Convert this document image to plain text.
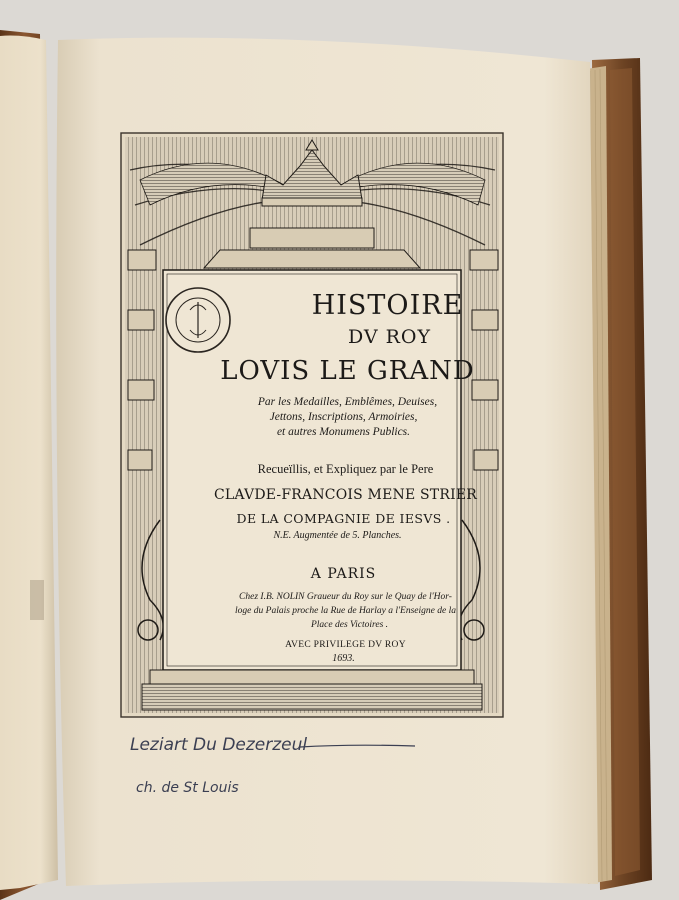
HISTOIRE
DV ROY
LOVIS LE GRAND
Par les Medailles, Emblêmes, Deuises,
Jettons, Inscriptions, Armoiries,
et autres Monumens Publics.
Recueïllis, et Expliquez par le Pere
CLAVDE-FRANCOIS MENE STRIER
DE LA COMPAGNIE DE IESVS .
N.E. Augmentée de 5. Planches.
A PARIS
Chez I.B. NOLIN Graueur du Roy sur le Quay de l'Hor-
loge du Palais proche la Rue de Harlay a l'Enseigne de la
Place des Victoires .
AVEC PRIVILEGE DV ROY
1693.
Leziart Du Dezerzeul
ch. de St Louis
